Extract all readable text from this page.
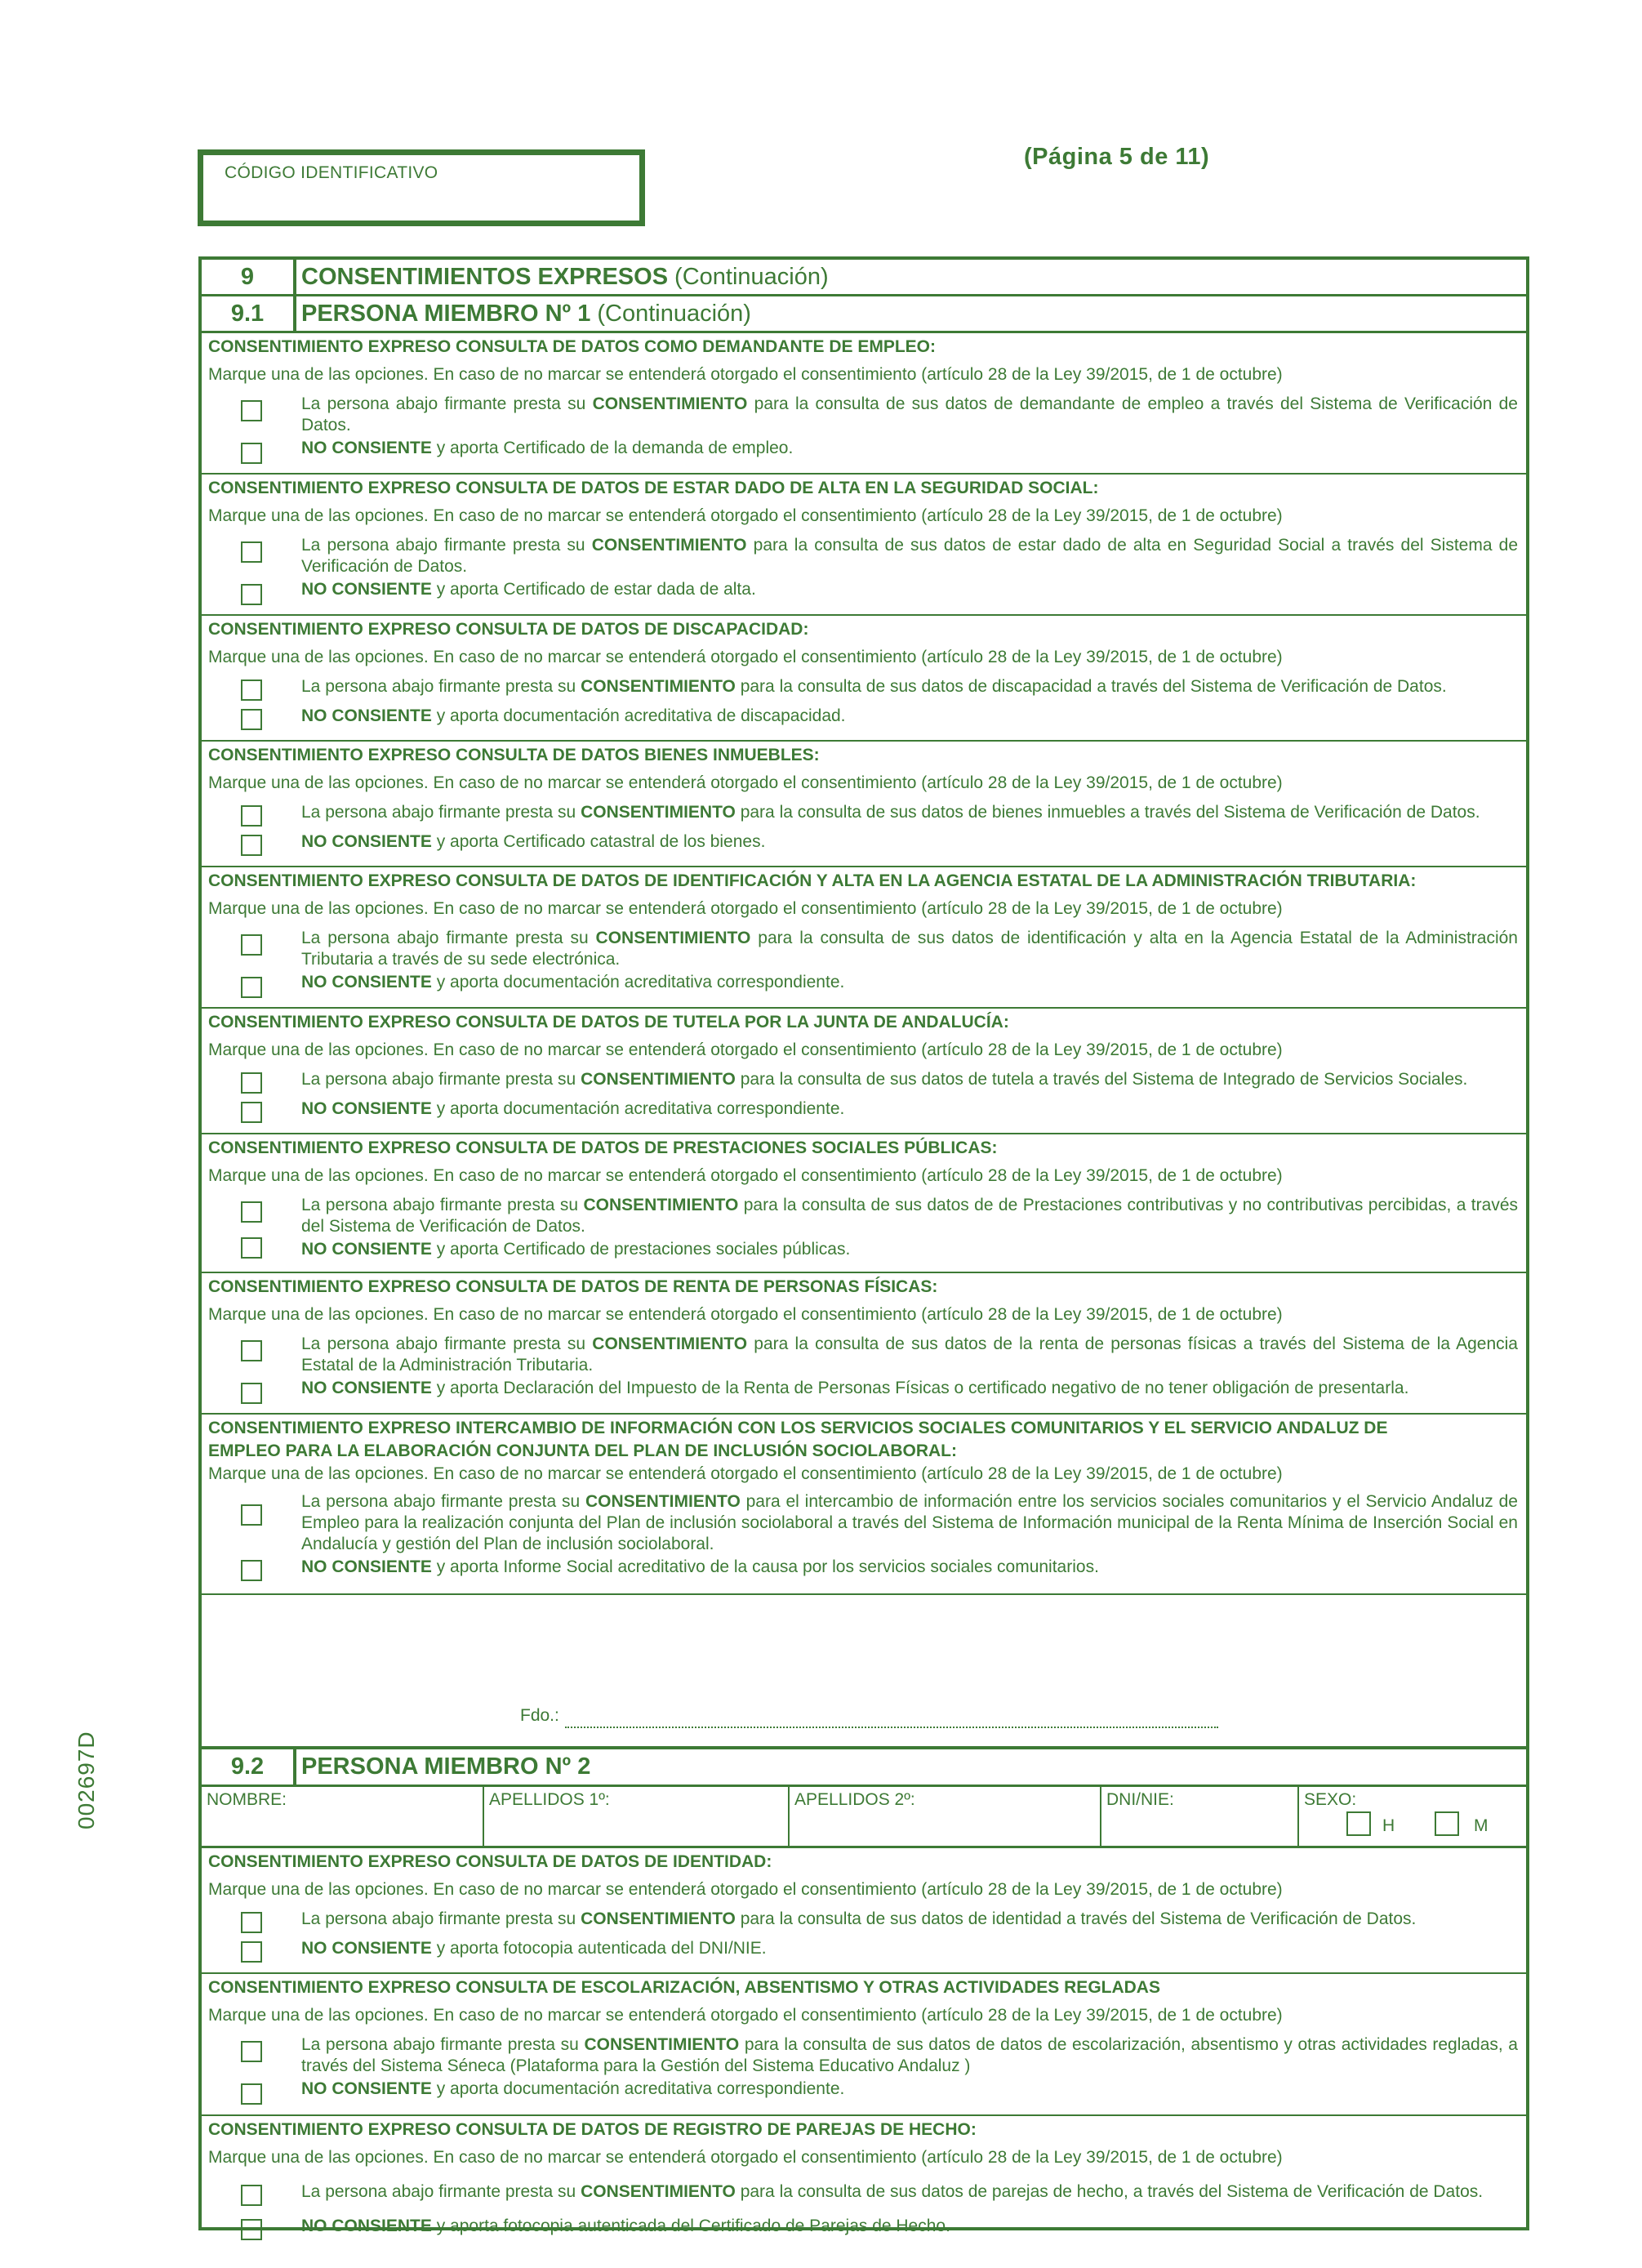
CÓDIGO IDENTIFICATIVO
(Página 5 de 11)
002697D
9	CONSENTIMIENTOS EXPRESOS (Continuación)
9.1	PERSONA MIEMBRO Nº 1 (Continuación)
CONSENTIMIENTO EXPRESO CONSULTA DE DATOS COMO DEMANDANTE DE EMPLEO:
Marque una de las opciones. En caso de no marcar se entenderá otorgado el consentimiento (artículo 28 de la Ley 39/2015, de 1 de octubre)
La persona abajo firmante presta su CONSENTIMIENTO para la consulta de sus datos de demandante de empleo a través del Sistema de Verificación de Datos.
NO CONSIENTE y aporta Certificado de la demanda de empleo.
CONSENTIMIENTO EXPRESO CONSULTA DE DATOS DE ESTAR DADO DE ALTA EN LA SEGURIDAD SOCIAL:
Marque una de las opciones. En caso de no marcar se entenderá otorgado el consentimiento (artículo 28 de la Ley 39/2015, de 1 de octubre)
La persona abajo firmante presta su CONSENTIMIENTO para la consulta de sus datos de estar dado de alta en Seguridad Social a través del Sistema de Verificación de Datos.
NO CONSIENTE y aporta Certificado de estar dada de alta.
CONSENTIMIENTO EXPRESO CONSULTA DE DATOS DE DISCAPACIDAD:
Marque una de las opciones. En caso de no marcar se entenderá otorgado el consentimiento (artículo 28 de la Ley 39/2015, de 1 de octubre)
La persona abajo firmante presta su CONSENTIMIENTO para la consulta de sus datos de discapacidad a través del Sistema de Verificación de Datos.
NO CONSIENTE y aporta documentación acreditativa de discapacidad.
CONSENTIMIENTO EXPRESO CONSULTA DE DATOS BIENES INMUEBLES:
Marque una de las opciones. En caso de no marcar se entenderá otorgado el consentimiento (artículo 28 de la Ley 39/2015, de 1 de octubre)
La persona abajo firmante presta su CONSENTIMIENTO para la consulta de sus datos de bienes inmuebles a través del Sistema de Verificación de Datos.
NO CONSIENTE y aporta Certificado catastral de los bienes.
CONSENTIMIENTO EXPRESO CONSULTA DE DATOS DE IDENTIFICACIÓN Y ALTA EN LA AGENCIA ESTATAL DE LA ADMINISTRACIÓN TRIBUTARIA:
Marque una de las opciones. En caso de no marcar se entenderá otorgado el consentimiento (artículo 28 de la Ley 39/2015, de 1 de octubre)
La persona abajo firmante presta su CONSENTIMIENTO para la consulta de sus datos de identificación y alta en la Agencia Estatal de la Administración Tributaria a través de su sede electrónica.
NO CONSIENTE y aporta documentación acreditativa correspondiente.
CONSENTIMIENTO EXPRESO CONSULTA DE DATOS DE TUTELA POR LA JUNTA DE ANDALUCÍA:
Marque una de las opciones. En caso de no marcar se entenderá otorgado el consentimiento (artículo 28 de la Ley 39/2015, de 1 de octubre)
La persona abajo firmante presta su CONSENTIMIENTO para la consulta de sus datos de tutela a través del Sistema de Integrado de Servicios Sociales.
NO CONSIENTE y aporta documentación acreditativa correspondiente.
CONSENTIMIENTO EXPRESO CONSULTA DE DATOS DE PRESTACIONES SOCIALES PÚBLICAS:
Marque una de las opciones. En caso de no marcar se entenderá otorgado el consentimiento (artículo 28 de la Ley 39/2015, de 1 de octubre)
La persona abajo firmante presta su CONSENTIMIENTO para la consulta de sus datos de de Prestaciones contributivas y no contributivas percibidas, a través del Sistema de Verificación de Datos.
NO CONSIENTE y aporta Certificado de prestaciones sociales públicas.
CONSENTIMIENTO EXPRESO CONSULTA DE DATOS DE RENTA DE PERSONAS FÍSICAS:
Marque una de las opciones. En caso de no marcar se entenderá otorgado el consentimiento (artículo 28 de la Ley 39/2015, de 1 de octubre)
La persona abajo firmante presta su CONSENTIMIENTO para la consulta de sus datos de la renta de personas físicas a través del Sistema de la Agencia Estatal de la Administración Tributaria.
NO CONSIENTE y aporta Declaración del Impuesto de la Renta de Personas Físicas o certificado negativo de no tener obligación de presentarla.
CONSENTIMIENTO EXPRESO INTERCAMBIO DE INFORMACIÓN CON LOS SERVICIOS SOCIALES COMUNITARIOS Y EL SERVICIO ANDALUZ DE
EMPLEO PARA LA ELABORACIÓN CONJUNTA DEL PLAN DE INCLUSIÓN SOCIOLABORAL:
Marque una de las opciones. En caso de no marcar se entenderá otorgado el consentimiento (artículo 28 de la Ley 39/2015, de 1 de octubre)
La persona abajo firmante presta su CONSENTIMIENTO para el intercambio de información entre los servicios sociales comunitarios y el Servicio Andaluz de Empleo para la realización conjunta del Plan de inclusión sociolaboral a través del Sistema de Información municipal de la Renta Mínima de Inserción Social en Andalucía y gestión del Plan de inclusión sociolaboral.
NO CONSIENTE y aporta Informe Social acreditativo de la causa por los servicios sociales comunitarios.
Fdo.:
9.2	PERSONA MIEMBRO Nº 2
NOMBRE:	APELLIDOS 1º:	APELLIDOS 2º:	DNI/NIE:	SEXO:
H	M
CONSENTIMIENTO EXPRESO CONSULTA DE DATOS DE IDENTIDAD:
Marque una de las opciones. En caso de no marcar se entenderá otorgado el consentimiento (artículo 28 de la Ley 39/2015, de 1 de octubre)
La persona abajo firmante presta su CONSENTIMIENTO para la consulta de sus datos de identidad a través del Sistema de Verificación de Datos.
NO CONSIENTE y aporta fotocopia autenticada del DNI/NIE.
CONSENTIMIENTO EXPRESO CONSULTA DE ESCOLARIZACIÓN, ABSENTISMO Y OTRAS ACTIVIDADES REGLADAS
Marque una de las opciones. En caso de no marcar se entenderá otorgado el consentimiento (artículo 28 de la Ley 39/2015, de 1 de octubre)
La persona abajo firmante presta su CONSENTIMIENTO para la consulta de sus datos de datos de escolarización, absentismo y otras actividades regladas, a través del Sistema Séneca (Plataforma para la Gestión del Sistema Educativo Andaluz )
NO CONSIENTE y aporta documentación acreditativa correspondiente.
CONSENTIMIENTO EXPRESO CONSULTA DE DATOS DE REGISTRO DE PAREJAS DE HECHO:
Marque una de las opciones. En caso de no marcar se entenderá otorgado el consentimiento (artículo 28 de la Ley 39/2015, de 1 de octubre)
La persona abajo firmante presta su CONSENTIMIENTO para la consulta de sus datos de parejas de hecho, a través del Sistema de Verificación de Datos.
NO CONSIENTE y aporta fotocopia autenticada del Certificado de Parejas de Hecho.
